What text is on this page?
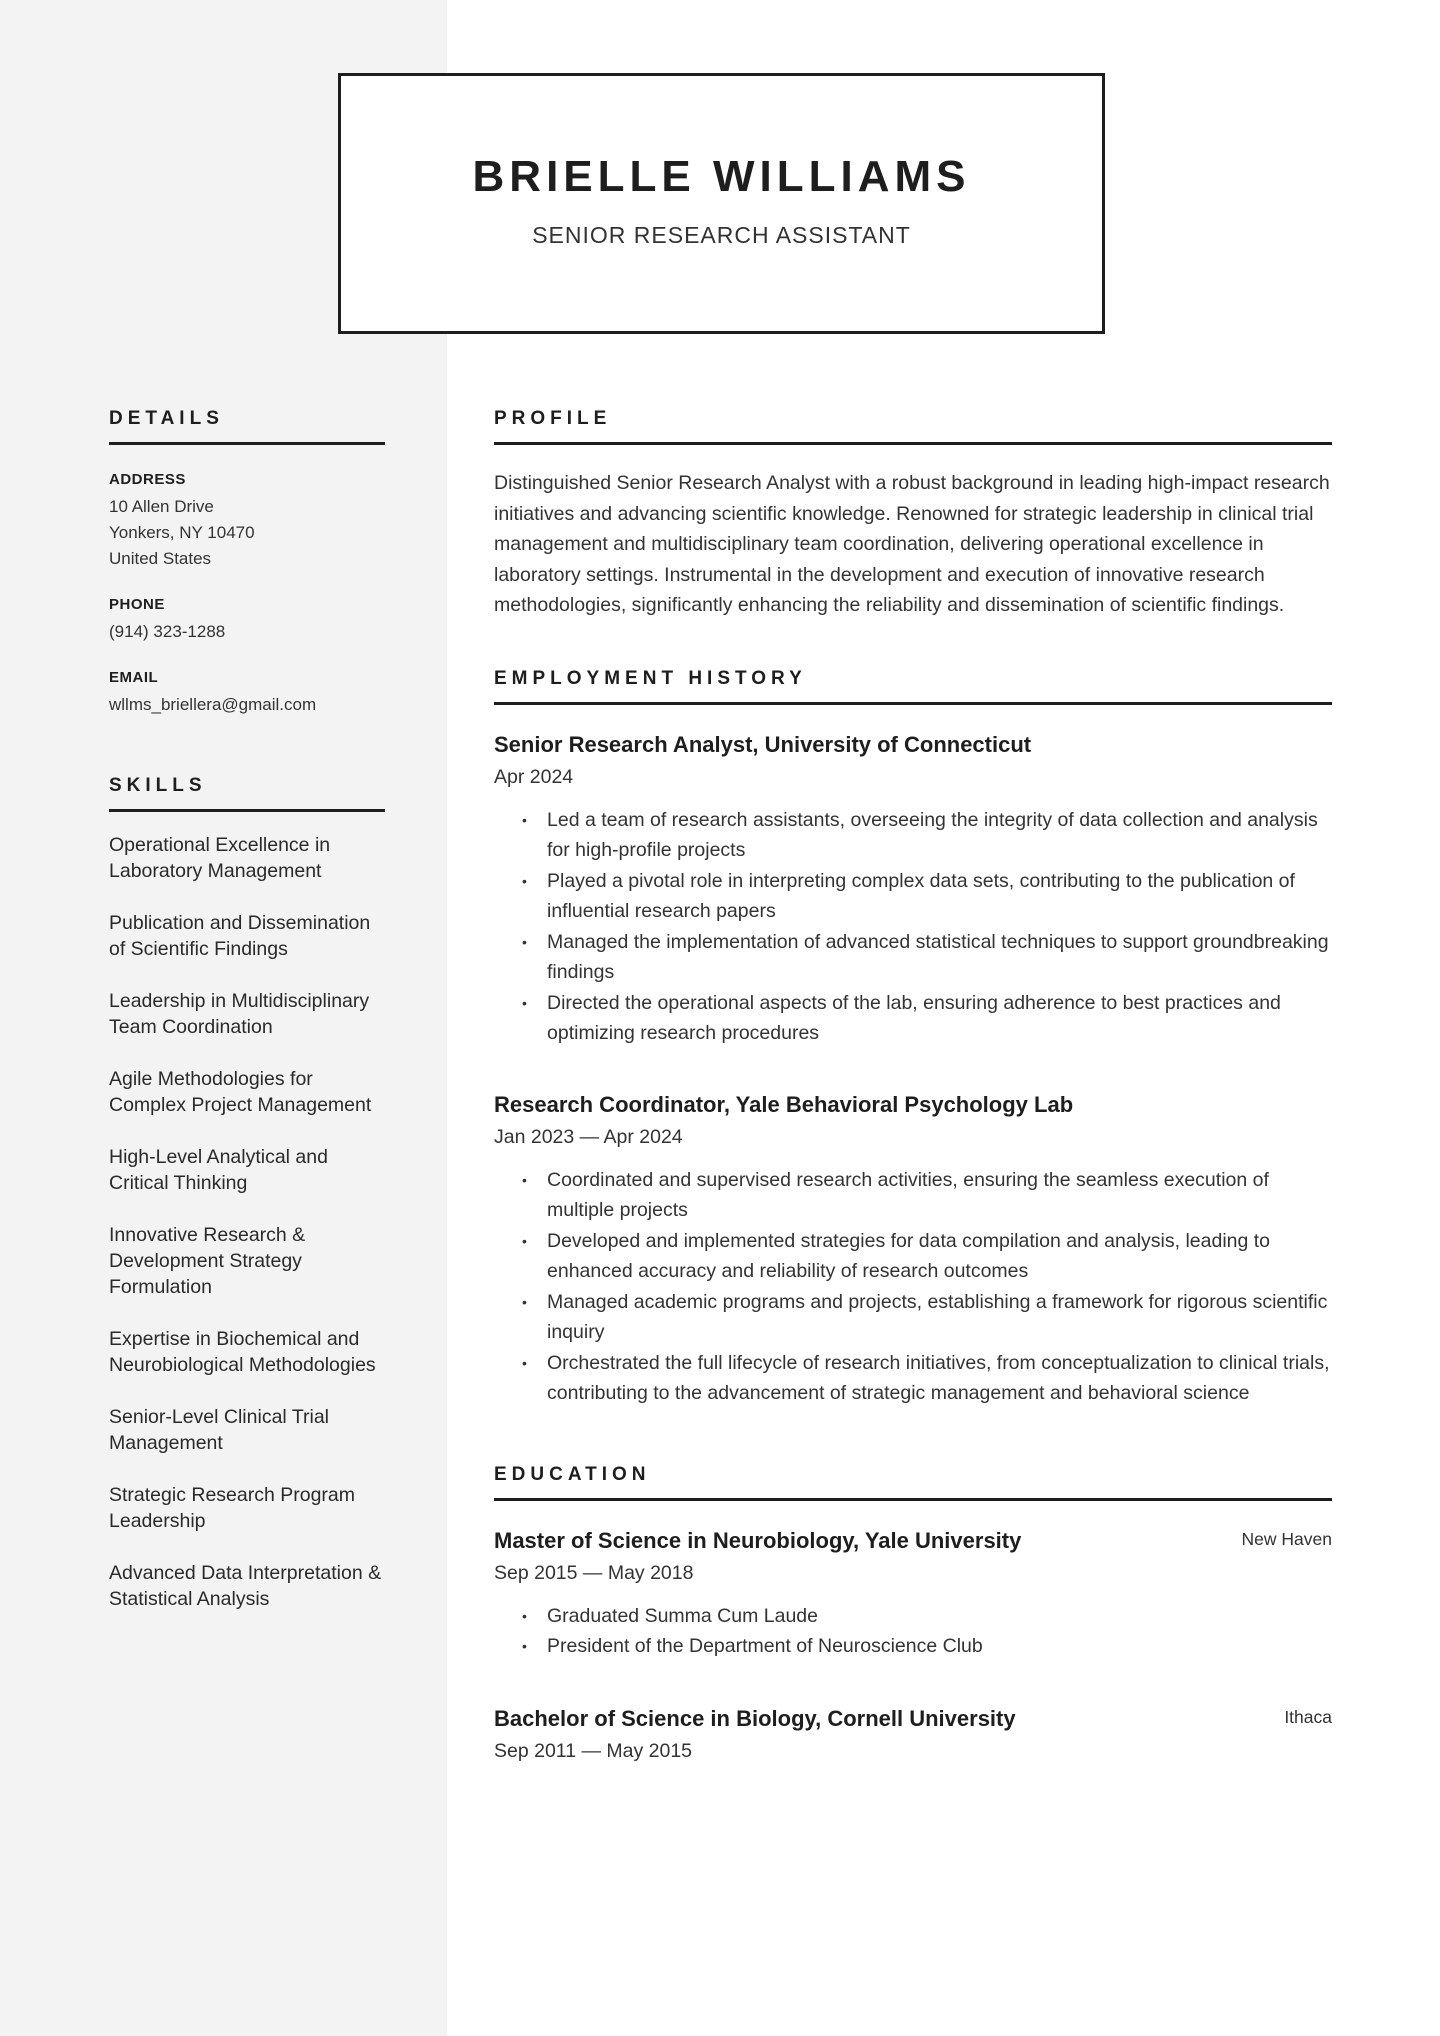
BRIELLE WILLIAMS
SENIOR RESEARCH ASSISTANT
DETAILS
ADDRESS
10 Allen Drive
Yonkers, NY 10470
United States
PHONE
(914) 323-1288
EMAIL
wllms_briellera@gmail.com
SKILLS
Operational Excellence in Laboratory Management
Publication and Dissemination of Scientific Findings
Leadership in Multidisciplinary Team Coordination
Agile Methodologies for Complex Project Management
High-Level Analytical and Critical Thinking
Innovative Research & Development Strategy Formulation
Expertise in Biochemical and Neurobiological Methodologies
Senior-Level Clinical Trial Management
Strategic Research Program Leadership
Advanced Data Interpretation & Statistical Analysis
PROFILE

Distinguished Senior Research Analyst with a robust background in leading high-impact research initiatives and advancing scientific knowledge. Renowned for strategic leadership in clinical trial management and multidisciplinary team coordination, delivering operational excellence in laboratory settings. Instrumental in the development and execution of innovative research methodologies, significantly enhancing the reliability and dissemination of scientific findings.

EMPLOYMENT HISTORY
Senior Research Analyst, University of Connecticut
Apr 2024
• Led a team of research assistants, overseeing the integrity of data collection and analysis for high-profile projects
• Played a pivotal role in interpreting complex data sets, contributing to the publication of influential research papers
• Managed the implementation of advanced statistical techniques to support groundbreaking findings
• Directed the operational aspects of the lab, ensuring adherence to best practices and optimizing research procedures
Research Coordinator, Yale Behavioral Psychology Lab
Jan 2023 — Apr 2024
• Coordinated and supervised research activities, ensuring the seamless execution of multiple projects
• Developed and implemented strategies for data compilation and analysis, leading to enhanced accuracy and reliability of research outcomes
• Managed academic programs and projects, establishing a framework for rigorous scientific inquiry
• Orchestrated the full lifecycle of research initiatives, from conceptualization to clinical trials, contributing to the advancement of strategic management and behavioral science
EDUCATION
Master of Science in Neurobiology, Yale University	New Haven
Sep 2015 — May 2018
• Graduated Summa Cum Laude
• President of the Department of Neuroscience Club
Bachelor of Science in Biology, Cornell University	Ithaca
Sep 2011 — May 2015
